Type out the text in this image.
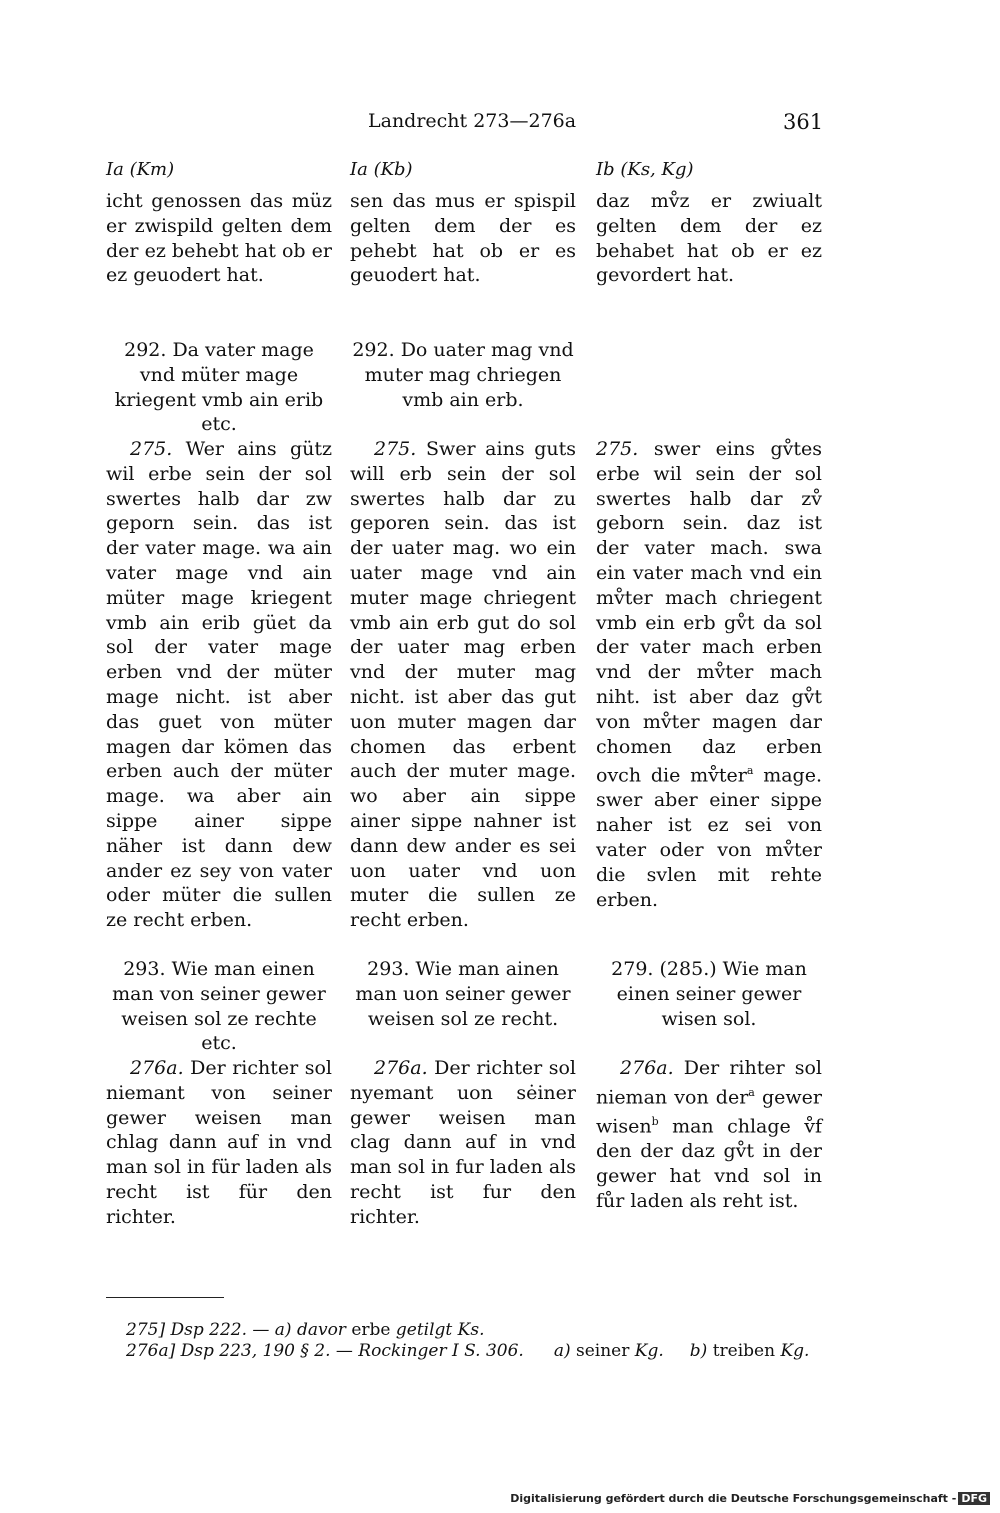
Landrecht 273—276a	361
Ia (Km)
icht genossen das müz er zwispild gelten dem der ez behebt hat ob er ez geuodert hat.
292. Da vater mage vnd müter mage kriegent vmb ain erib etc.
275. Wer ains gütz wil erbe sein der sol swertes halb dar zw geporn sein. das ist der vater mage. wa ain vater mage vnd ain müter mage kriegent vmb ain erib güet da sol der vater mage erben vnd der müter mage nicht. ist aber das guet von müter magen dar kömen das erben auch der müter mage. wa aber ain sippe ainer sippe näher ist dann dew ander ez sey von vater oder müter die sullen ze recht erben.
293. Wie man einen man von seiner gewer weisen sol ze rechte etc.
276a. Der richter sol niemant von seiner gewer weisen man chlag dann auf in vnd man sol in für laden als recht ist für den richter.
Ia (Kb)
sen das mus er spispil gelten dem der es pehebt hat ob er es geuodert hat.
292. Do uater mag vnd muter mag chriegen vmb ain erb.
275. Swer ains guts will erb sein der sol swertes halb dar zu geporen sein. das ist der uater mag. wo ein uater mage vnd ain muter mage chriegent vmb ain erb gut do sol der uater mag erben vnd der muter mag nicht. ist aber das gut uon muter magen dar chomen das erbent auch der muter mage. wo aber ain sippe ainer sippe nahner ist dann dew ander es sei uon uater vnd uon muter die sullen ze recht erben.
293. Wie man ainen man uon seiner gewer weisen sol ze recht.
276a. Der richter sol nyemant uon sėiner gewer weisen man clag dann auf in vnd man sol in fur laden als recht ist fur den richter.
Ib (Ks, Kg)
daz mv̊z er zwiualt gelten dem der ez behabet hat ob er ez gevordert hat.
275. swer eins gv̊tes erbe wil sein der sol swertes halb dar zv̊ geborn sein. daz ist der vater mach. swa ein vater mach vnd ein mv̊ter mach chriegent vmb ein erb gv̊t da sol der vater mach erben vnd der mv̊ter mach niht. ist aber daz gv̊t von mv̊ter magen dar chomen daz erben ovch die mv̊ter$^a$ mage. swer aber einer sippe naher ist ez sei von vater oder von mv̊ter die svlen mit rehte erben.
279. (285.) Wie man einen seiner gewer wisen sol.
276a. Der rihter sol nieman von der$^a$ gewer wisen$^b$ man chlage v̊f den der daz gv̊t in der gewer hat vnd sol in fůr laden als reht ist.
275] Dsp 222. — a) davor erbe getilgt Ks.
276a] Dsp 223, 190 § 2. — Rockinger I S. 306. a) seiner Kg. b) treiben Kg.
Digitalisierung gefördert durch die Deutsche Forschungsgemeinschaft - DFG
